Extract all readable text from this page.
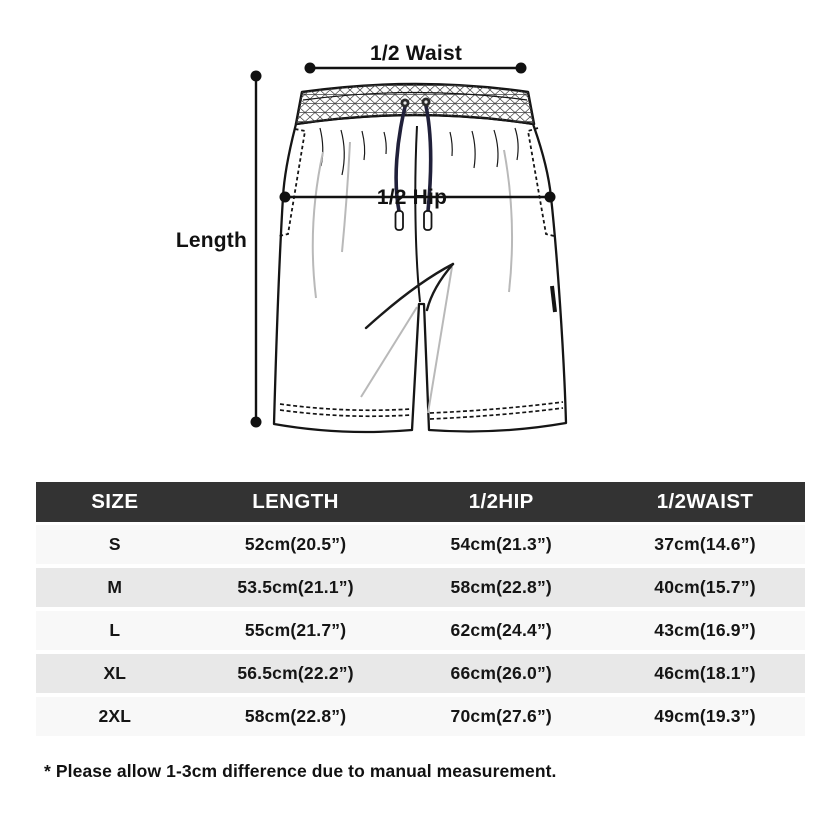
1/2 Waist
Length
1/2 Hip
SIZE	LENGTH	1/2HIP	1/2WAIST
S	52cm(20.5”)	54cm(21.3”)	37cm(14.6”)
M	53.5cm(21.1”)	58cm(22.8”)	40cm(15.7”)
L	55cm(21.7”)	62cm(24.4”)	43cm(16.9”)
XL	56.5cm(22.2”)	66cm(26.0”)	46cm(18.1”)
2XL	58cm(22.8”)	70cm(27.6”)	49cm(19.3”)
* Please allow 1-3cm difference due to manual measurement.
